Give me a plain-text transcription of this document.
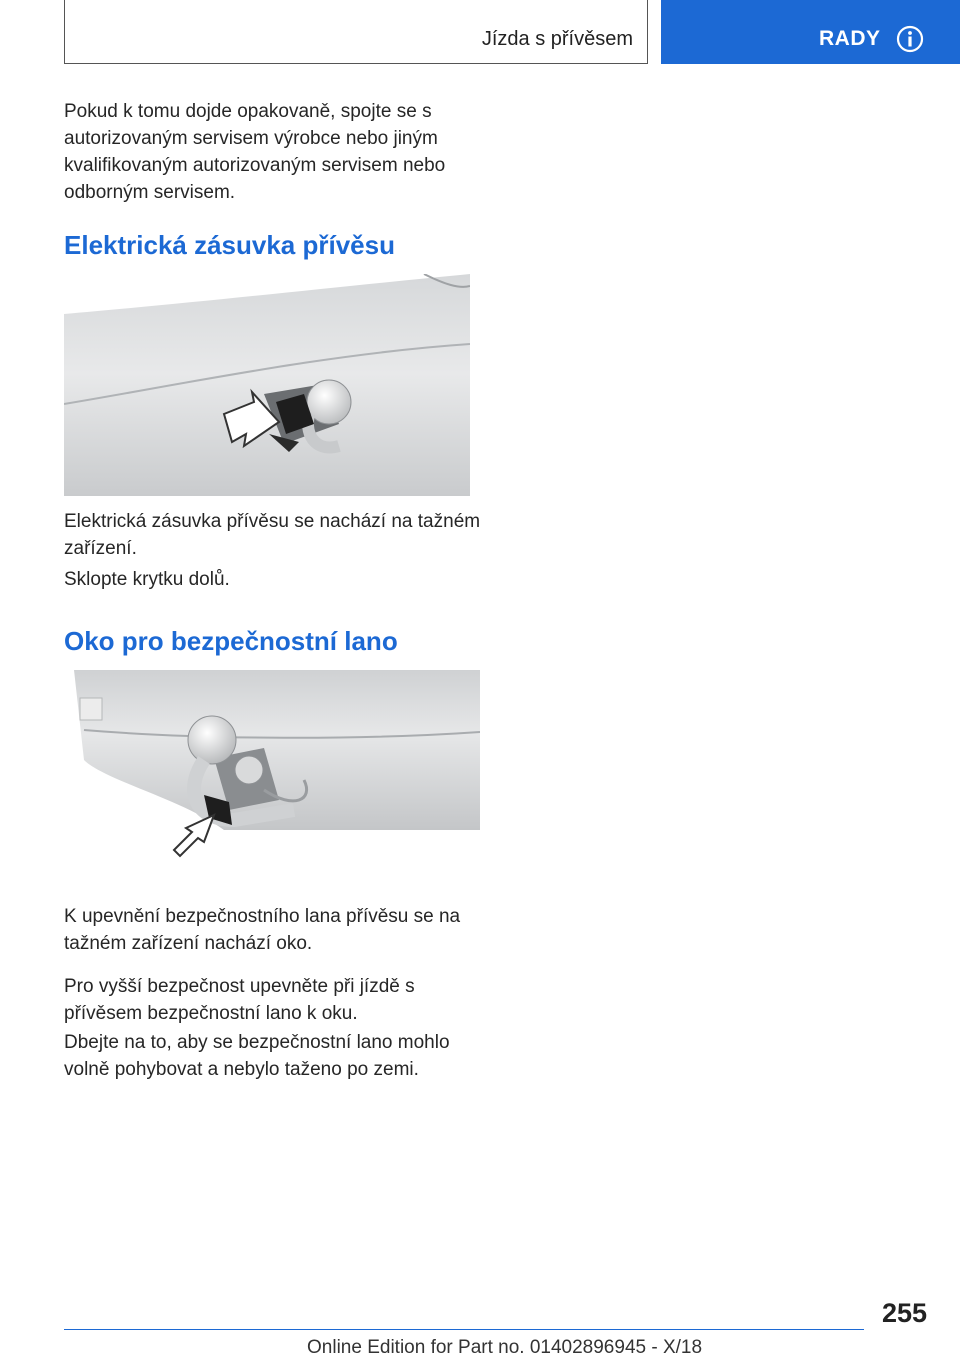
Jízda s přívěsem	RADY
Pokud k tomu dojde opakovaně, spojte se s autorizovaným servisem výrobce nebo jiným kvalifikovaným autorizovaným servisem nebo odborným servisem.
Elektrická zásuvka přívěsu
Elektrická zásuvka přívěsu se nachází na tažném zařízení.
Sklopte krytku dolů.
Oko pro bezpečnostní lano
K upevnění bezpečnostního lana přívěsu se na tažném zařízení nachází oko.
Pro vyšší bezpečnost upevněte při jízdě s přívěsem bezpečnostní lano k oku.
Dbejte na to, aby se bezpečnostní lano mohlo volně pohybovat a nebylo taženo po zemi.
255
Online Edition for Part no. 01402896945 - X/18
